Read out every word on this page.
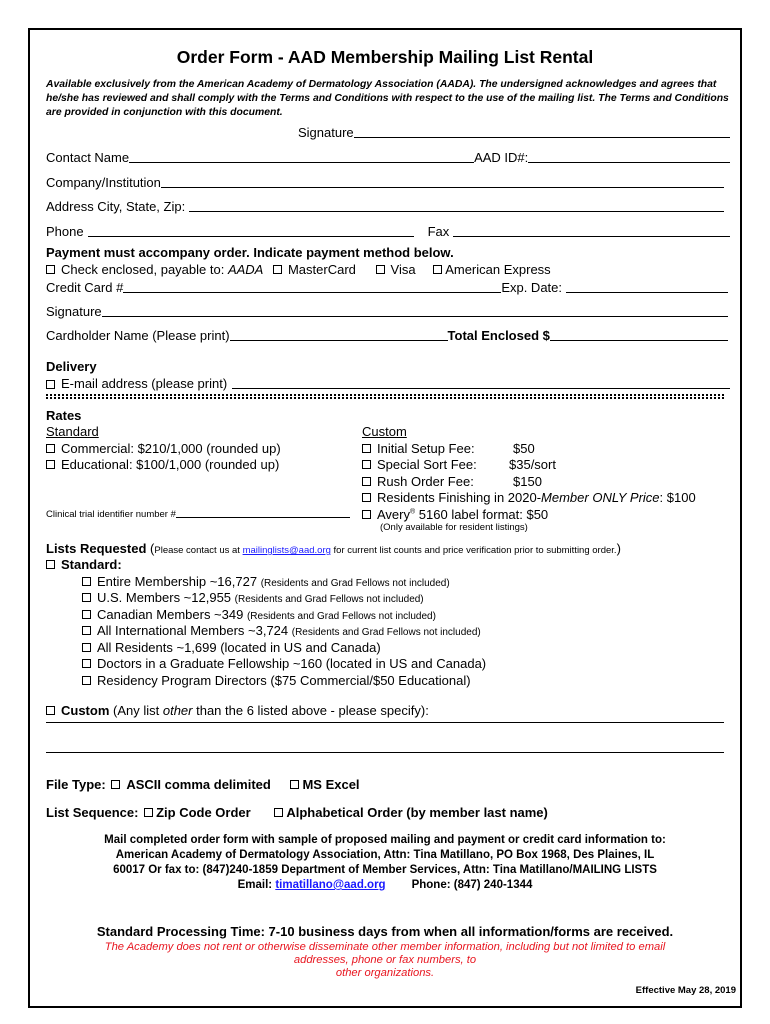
Order Form - AAD Membership Mailing List Rental
Available exclusively from the American Academy of Dermatology Association (AADA). The undersigned acknowledges and agrees that he/she has reviewed and shall comply with the Terms and Conditions with respect to the use of the mailing list. The Terms and Conditions are provided in conjunction with this document.
Signature
Contact Name	AAD ID#:
Company/Institution
Address City, State, Zip:
Phone	Fax
Payment must accompany order. Indicate payment method below.
Check enclosed, payable to: AADA MasterCard	Visa American Express
Credit Card #	Exp. Date:
Signature
Cardholder Name (Please print)	Total Enclosed $
Delivery
E-mail address (please print)
Rates
Standard
Commercial: $210/1,000 (rounded up)
Educational: $100/1,000 (rounded up)
Custom
Initial Setup Fee:	$50
Special Sort Fee: $35/sort
Rush Order Fee:	$150
Residents Finishing in 2020-Member ONLY Price: $100
Avery® 5160 label format: $50
(Only available for resident listings)
Clinical trial identifier number #
Lists Requested (Please contact us at mailinglists@aad.org for current list counts and price verification prior to submitting order.)
Standard:
Entire Membership ~16,727 (Residents and Grad Fellows not included)
U.S. Members ~12,955 (Residents and Grad Fellows not included)
Canadian Members ~349 (Residents and Grad Fellows not included)
All International Members ~3,724 (Residents and Grad Fellows not included)
All Residents ~1,699 (located in US and Canada)
Doctors in a Graduate Fellowship ~160 (located in US and Canada)
Residency Program Directors ($75 Commercial/$50 Educational)
Custom (Any list other than the 6 listed above - please specify):
File Type: ASCII comma delimited MS Excel
List Sequence: Zip Code Order	Alphabetical Order (by member last name)
Mail completed order form with sample of proposed mailing and payment or credit card information to:
American Academy of Dermatology Association, Attn: Tina Matillano, PO Box 1968, Des Plaines, IL
60017 Or fax to: (847)240-1859 Department of Member Services, Attn: Tina Matillano/MAILING LISTS
Email: timatillano@aad.org Phone: (847) 240-1344
Standard Processing Time: 7-10 business days from when all information/forms are received.
The Academy does not rent or otherwise disseminate other member information, including but not limited to email
addresses, phone or fax numbers, to
other organizations.
Effective May 28, 2019
